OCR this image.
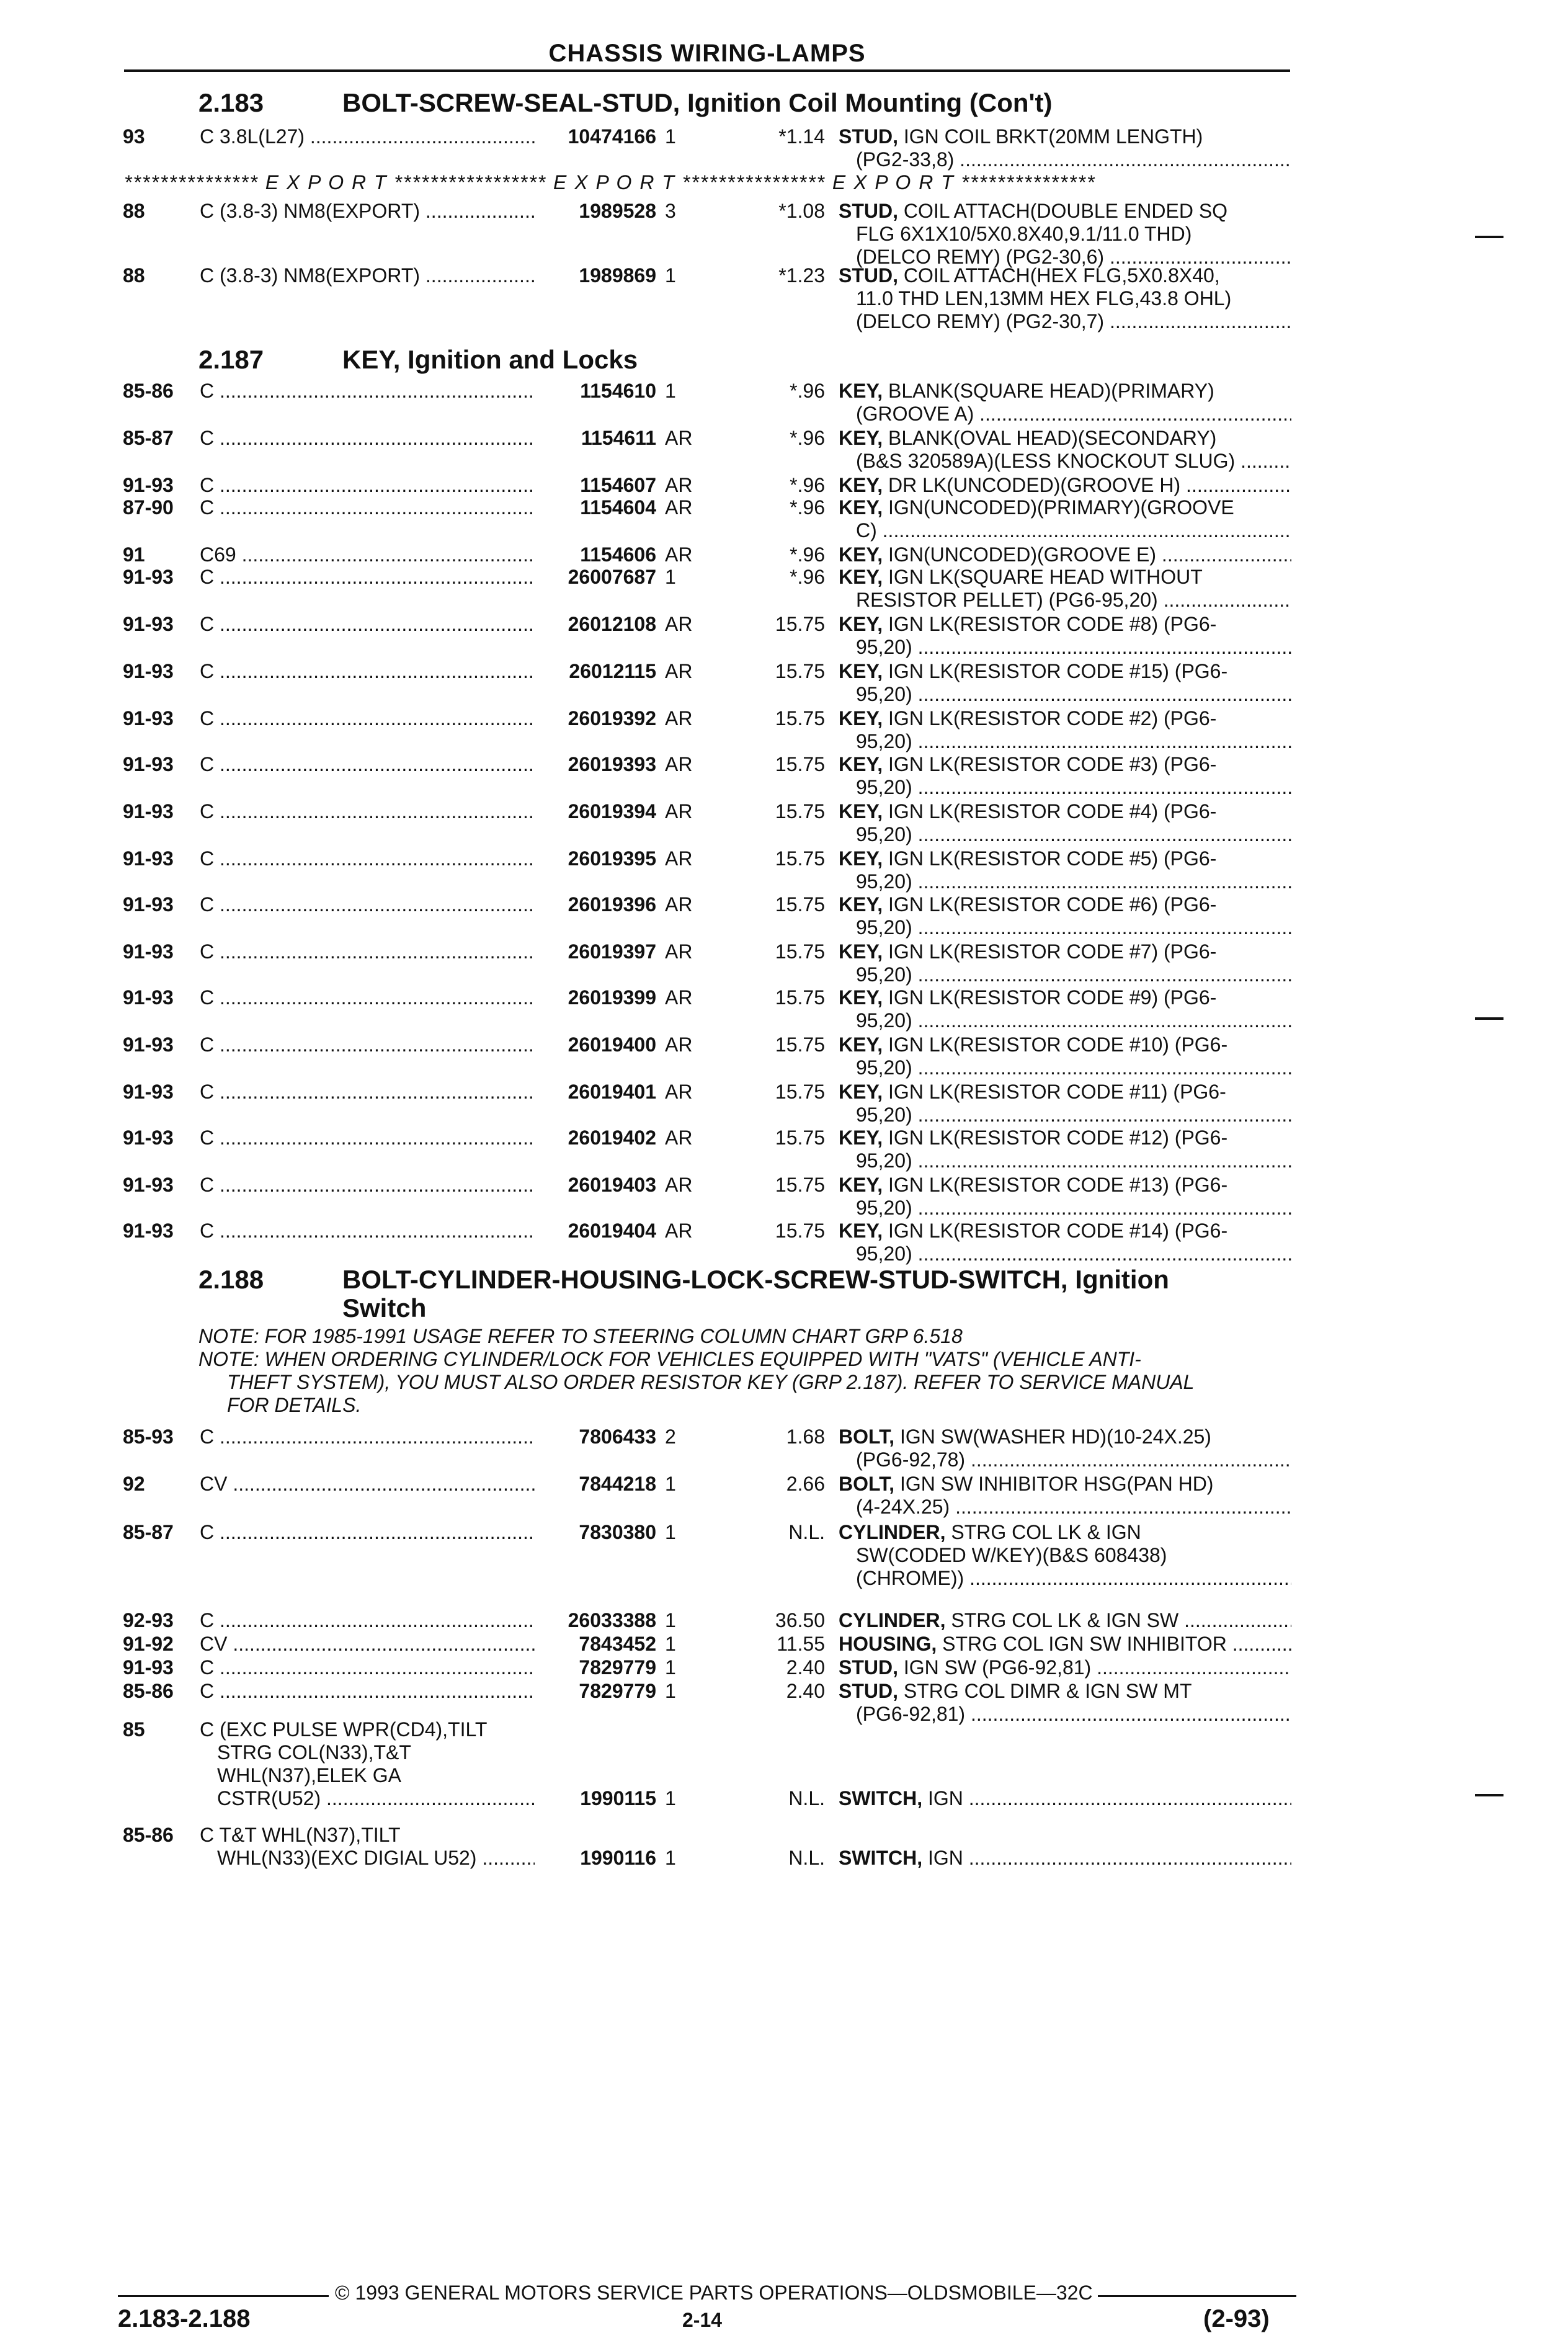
CHASSIS WIRING-LAMPS
2.183	BOLT-SCREW-SEAL-STUD, Ignition Coil Mounting (Con't)
*************** E X P O R T ***************** E X P O R T **************** E X P O R T ***************
2.187	KEY, Ignition and Locks
2.188	BOLT-CYLINDER-HOUSING-LOCK-SCREW-STUD-SWITCH, Ignition
Switch
NOTE: FOR 1985-1991 USAGE REFER TO STEERING COLUMN CHART GRP 6.518
NOTE: WHEN ORDERING CYLINDER/LOCK FOR VEHICLES EQUIPPED WITH "VATS" (VEHICLE ANTI-
THEFT SYSTEM), YOU MUST ALSO ORDER RESISTOR KEY (GRP 2.187). REFER TO SERVICE MANUAL
FOR DETAILS.
93	C 3.8L(L27) .....	10474166 1	*1.14 STUD, IGN COIL BRKT(20MM LENGTH)
(PG2-33,8) .....
88	C (3.8-3) NM8(EXPORT) .....	1989528 3	*1.08 STUD, COIL ATTACH(DOUBLE ENDED SQ
FLG 6X1X10/5X0.8X40,9.1/11.0 THD)
(DELCO REMY) (PG2-30,6) .....
88	C (3.8-3) NM8(EXPORT) .....	1989869 1	*1.23 STUD, COIL ATTACH(HEX FLG,5X0.8X40,
11.0 THD LEN,13MM HEX FLG,43.8 OHL)
(DELCO REMY) (PG2-30,7) .....
85-86 C .....	1154610 1	*.96 KEY, BLANK(SQUARE HEAD)(PRIMARY)
(GROOVE A) .....
85-87 C .....	1154611 AR	*.96 KEY, BLANK(OVAL HEAD)(SECONDARY)
(B&S 320589A)(LESS KNOCKOUT SLUG) .....
91-93 C .....	1154607 AR	*.96 KEY, DR LK(UNCODED)(GROOVE H) .....
87-90 C .....	1154604 AR	*.96 KEY, IGN(UNCODED)(PRIMARY)(GROOVE
C) .....
91	C69 .....	1154606 AR	*.96 KEY, IGN(UNCODED)(GROOVE E) .....
91-93 C .....	26007687 1	*.96 KEY, IGN LK(SQUARE HEAD WITHOUT
RESISTOR PELLET) (PG6-95,20) .....
91-93 C .....	26012108 AR	15.75 KEY, IGN LK(RESISTOR CODE #8) (PG6-
95,20) .....
91-93 C .....	26012115 AR	15.75 KEY, IGN LK(RESISTOR CODE #15) (PG6-
95,20) .....
91-93 C .....	26019392 AR	15.75 KEY, IGN LK(RESISTOR CODE #2) (PG6-
95,20) .....
91-93 C .....	26019393 AR	15.75 KEY, IGN LK(RESISTOR CODE #3) (PG6-
95,20) .....
91-93 C .....	26019394 AR	15.75 KEY, IGN LK(RESISTOR CODE #4) (PG6-
95,20) .....
91-93 C .....	26019395 AR	15.75 KEY, IGN LK(RESISTOR CODE #5) (PG6-
95,20) .....
91-93 C .....	26019396 AR	15.75 KEY, IGN LK(RESISTOR CODE #6) (PG6-
95,20) .....
91-93 C .....	26019397 AR	15.75 KEY, IGN LK(RESISTOR CODE #7) (PG6-
95,20) .....
91-93 C .....	26019399 AR	15.75 KEY, IGN LK(RESISTOR CODE #9) (PG6-
95,20) .....
91-93 C .....	26019400 AR	15.75 KEY, IGN LK(RESISTOR CODE #10) (PG6-
95,20) .....
91-93 C .....	26019401 AR	15.75 KEY, IGN LK(RESISTOR CODE #11) (PG6-
95,20) .....
91-93 C .....	26019402 AR	15.75 KEY, IGN LK(RESISTOR CODE #12) (PG6-
95,20) .....
91-93 C .....	26019403 AR	15.75 KEY, IGN LK(RESISTOR CODE #13) (PG6-
95,20) .....
91-93 C .....	26019404 AR	15.75 KEY, IGN LK(RESISTOR CODE #14) (PG6-
95,20) .....
85-93 C .....	7806433 2	1.68 BOLT, IGN SW(WASHER HD)(10-24X.25)
(PG6-92,78) .....
92	CV .....	7844218 1	2.66 BOLT, IGN SW INHIBITOR HSG(PAN HD)
(4-24X.25) .....
85-87 C .....	7830380 1	N.L. CYLINDER, STRG COL LK & IGN
SW(CODED W/KEY)(B&S 608438)
(CHROME)) .....
92-93 C .....	26033388 1	36.50 CYLINDER, STRG COL LK & IGN SW .....
91-92 CV .....	7843452 1	11.55 HOUSING, STRG COL IGN SW INHIBITOR .....
91-93 C .....	7829779 1	2.40 STUD, IGN SW (PG6-92,81) .....
85-86 C .....	7829779 1	2.40 STUD, STRG COL DIMR & IGN SW MT
(PG6-92,81) .....
85	C (EXC PULSE WPR(CD4),TILT
STRG COL(N33),T&T
WHL(N37),ELEK GA
CSTR(U52) .....	1990115 1	N.L. SWITCH, IGN .....
85-86 C T&T WHL(N37),TILT
WHL(N33)(EXC DIGIAL U52) .....	1990116 1	N.L. SWITCH, IGN .....
© 1993 GENERAL MOTORS SERVICE PARTS OPERATIONS—OLDSMOBILE—32C
2.183-2.188	2-14	(2-93)
